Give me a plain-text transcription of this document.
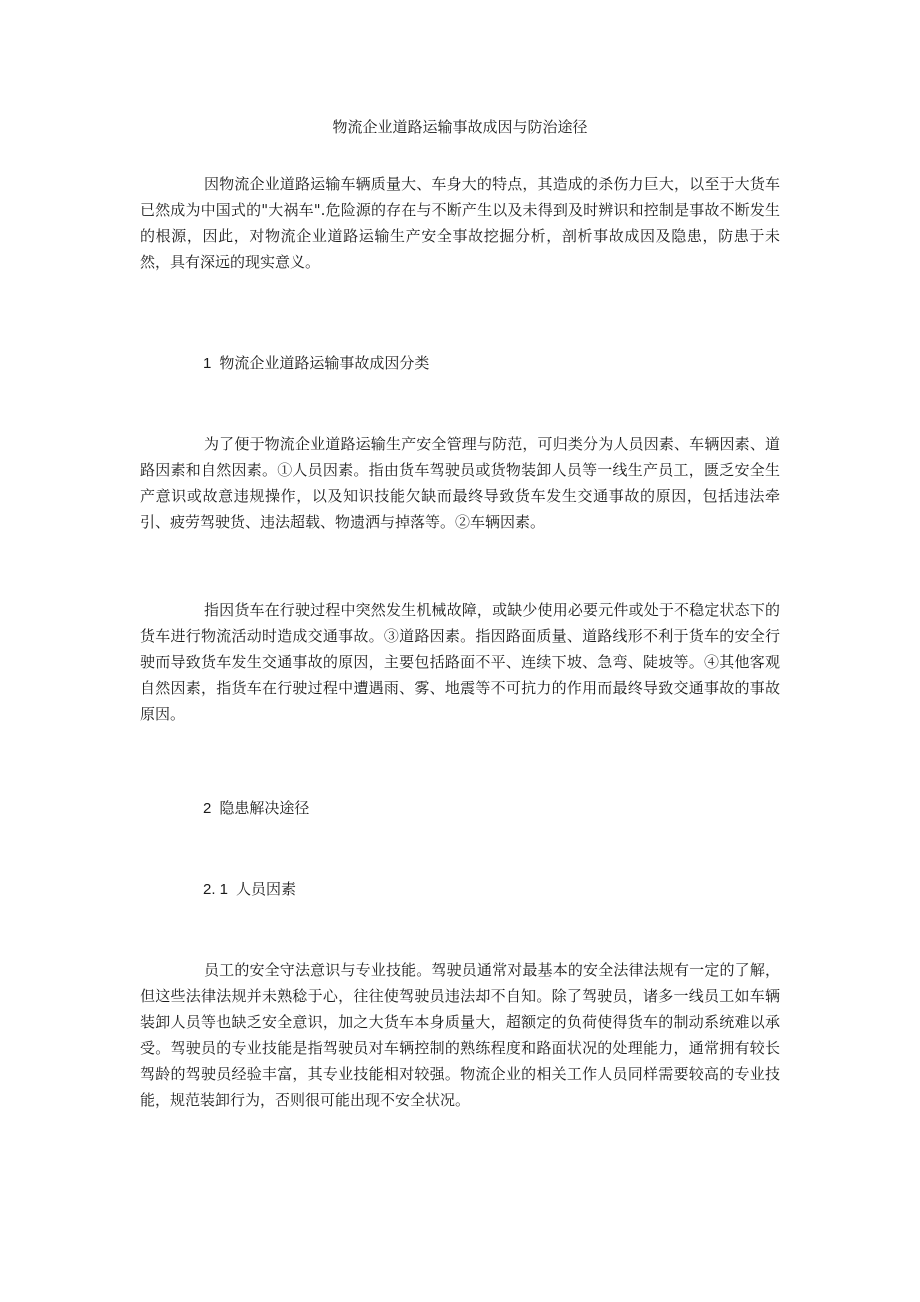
物流企业道路运输事故成因与防治途径

因物流企业道路运输车辆质量大、车身大的特点，其造成的杀伤力巨大，以至于大货车已然成为中国式的"大祸车".危险源的存在与不断产生以及未得到及时辨识和控制是事故不断发生的根源，因此，对物流企业道路运输生产安全事故挖掘分析，剖析事故成因及隐患，防患于未然，具有深远的现实意义。

1 物流企业道路运输事故成因分类

为了便于物流企业道路运输生产安全管理与防范，可归类分为人员因素、车辆因素、道路因素和自然因素。①人员因素。指由货车驾驶员或货物装卸人员等一线生产员工，匮乏安全生产意识或故意违规操作，以及知识技能欠缺而最终导致货车发生交通事故的原因，包括违法牵引、疲劳驾驶货、违法超载、物遗洒与掉落等。②车辆因素。

指因货车在行驶过程中突然发生机械故障，或缺少使用必要元件或处于不稳定状态下的货车进行物流活动时造成交通事故。③道路因素。指因路面质量、道路线形不利于货车的安全行驶而导致货车发生交通事故的原因，主要包括路面不平、连续下坡、急弯、陡坡等。④其他客观自然因素，指货车在行驶过程中遭遇雨、雾、地震等不可抗力的作用而最终导致交通事故的事故原因。

2 隐患解决途径
2. 1 人员因素

员工的安全守法意识与专业技能。驾驶员通常对最基本的安全法律法规有一定的了解，但这些法律法规并未熟稔于心，往往使驾驶员违法却不自知。除了驾驶员，诸多一线员工如车辆装卸人员等也缺乏安全意识，加之大货车本身质量大，超额定的负荷使得货车的制动系统难以承受。驾驶员的专业技能是指驾驶员对车辆控制的熟练程度和路面状况的处理能力，通常拥有较长驾龄的驾驶员经验丰富，其专业技能相对较强。物流企业的相关工作人员同样需要较高的专业技能，规范装卸行为，否则很可能出现不安全状况。
